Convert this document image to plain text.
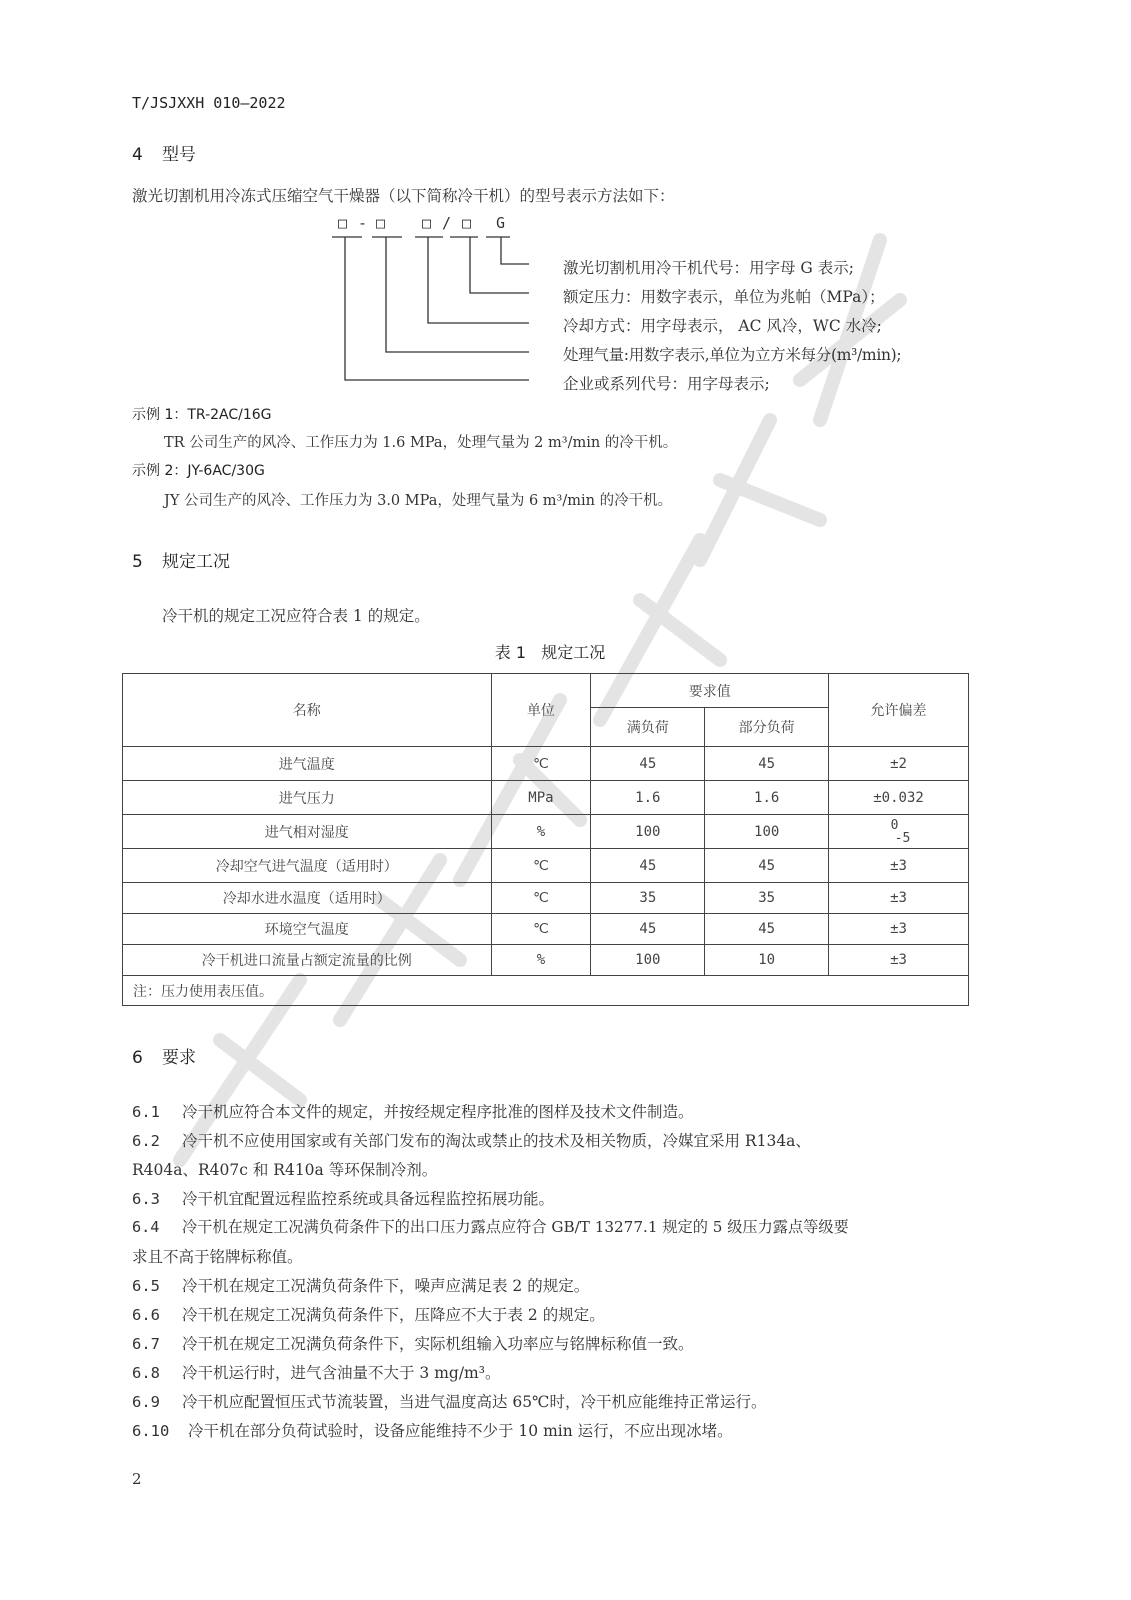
T/JSJXXH 010—2022
4 型号
激光切割机用冷冻式压缩空气干燥器（以下简称冷干机）的型号表示方法如下：
□ - □ □ / □ G
激光切割机用冷干机代号：用字母 G 表示;
额定压力：用数字表示，单位为兆帕（MPa）；
冷却方式：用字母表示， AC 风冷，WC 水冷;
处理气量:用数字表示,单位为立方米每分(m³/min);
企业或系列代号：用字母表示;
示例 1：TR-2AC/16G
TR 公司生产的风冷、工作压力为 1.6 MPa，处理气量为 2 m³/min 的冷干机。
示例 2：JY-6AC/30G
JY 公司生产的风冷、工作压力为 3.0 MPa，处理气量为 6 m³/min 的冷干机。
5 规定工况
冷干机的规定工况应符合表 1 的规定。
表 1   规定工况
名称	单位	要求值		允许偏差
		满负荷	部分负荷	
进气温度	℃	45	45	±2
进气压力	MPa	1.6	1.6	±0.032
进气相对湿度	%	100	100	0
-5

冷却空气进气温度（适用时）	℃	45	45	±3
冷却水进水温度（适用时）	℃	35	35	±3
环境空气温度	℃	45	45	±3
冷干机进口流量占额定流量的比例	%	100	10	±3
注：压力使用表压值。				
6 要求
6.1 冷干机应符合本文件的规定，并按经规定程序批准的图样及技术文件制造。
6.2 冷干机不应使用国家或有关部门发布的淘汰或禁止的技术及相关物质，冷媒宜采用 R134a、
R404a、R407c 和 R410a 等环保制冷剂。
6.3 冷干机宜配置远程监控系统或具备远程监控拓展功能。
6.4 冷干机在规定工况满负荷条件下的出口压力露点应符合 GB/T 13277.1 规定的 5 级压力露点等级要
求且不高于铭牌标称值。
6.5 冷干机在规定工况满负荷条件下，噪声应满足表 2 的规定。
6.6 冷干机在规定工况满负荷条件下，压降应不大于表 2 的规定。
6.7 冷干机在规定工况满负荷条件下，实际机组输入功率应与铭牌标称值一致。
6.8 冷干机运行时，进气含油量不大于 3 mg/m³。
6.9 冷干机应配置恒压式节流装置，当进气温度高达 65℃时，冷干机应能维持正常运行。
6.10 冷干机在部分负荷试验时，设备应能维持不少于 10 min 运行，不应出现冰堵。
2
